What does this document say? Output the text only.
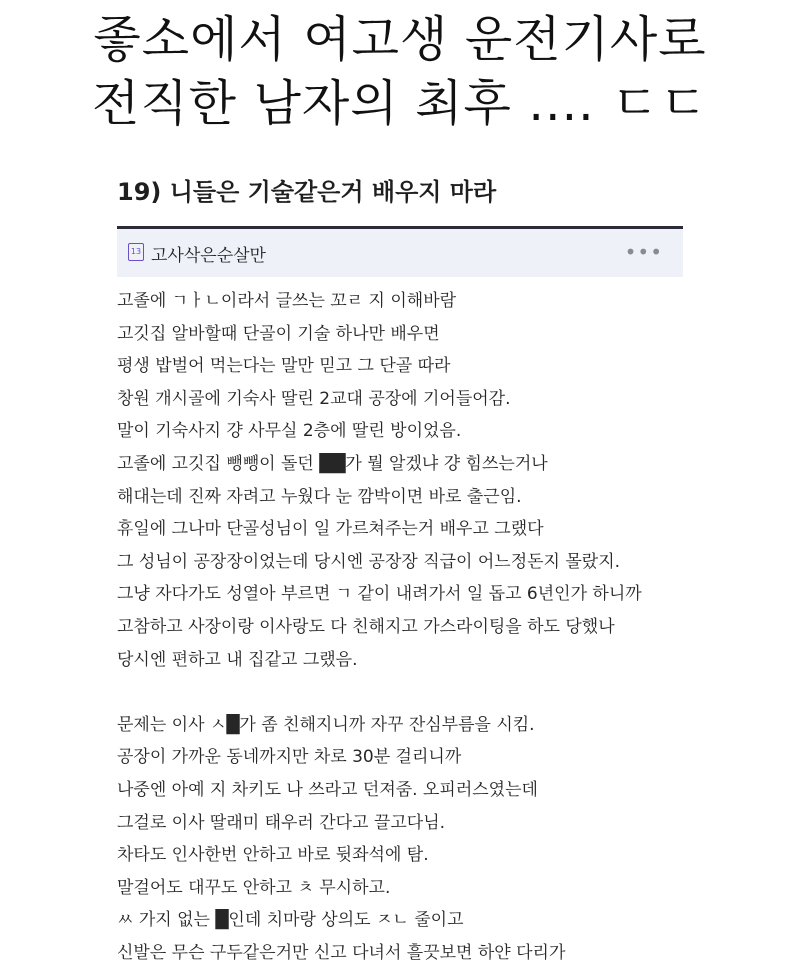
좋소에서 여고생 운전기사로
전직한 남자의 최후 .... ㄷㄷ
19) 니들은 기술같은거 배우지 마라
13 고사삭은순살만	•••
고졸에 ㄱㅏㄴ이라서 글쓰는 꼬ㄹ 지 이해바람
고깃집 알바할때 단골이 기술 하나만 배우면
평생 밥벌어 먹는다는 말만 믿고 그 단골 따라
창원 개시골에 기숙사 딸린 2교대 공장에 기어들어감.
말이 기숙사지 걍 사무실 2층에 딸린 방이었음.
고졸에 고깃집 뺑뺑이 돌던 ██가 뭘 알겠냐 걍 힘쓰는거나
해대는데 진짜 자려고 누웠다 눈 깜박이면 바로 출근임.
휴일에 그나마 단골성님이 일 가르쳐주는거 배우고 그랬다
그 성님이 공장장이었는데 당시엔 공장장 직급이 어느정돈지 몰랐지.
그냥 자다가도 성열아 부르면 ㄱ 같이 내려가서 일 돕고 6년인가 하니까
고참하고 사장이랑 이사랑도 다 친해지고 가스라이팅을 하도 당했나
당시엔 편하고 내 집같고 그랬음.
문제는 이사 ㅅ█가 좀 친해지니까 자꾸 잔심부름을 시킴.
공장이 가까운 동네까지만 차로 30분 걸리니까
나중엔 아예 지 차키도 나 쓰라고 던져줌. 오피러스였는데
그걸로 이사 딸래미 태우러 간다고 끌고다님.
차타도 인사한번 안하고 바로 뒷좌석에 탐.
말걸어도 대꾸도 안하고 ㅊ 무시하고.
ㅆ 가지 없는 █인데 치마랑 상의도 ㅈㄴ 줄이고
신발은 무슨 구두같은거만 신고 다녀서 흘끗보면 하얀 다리가
